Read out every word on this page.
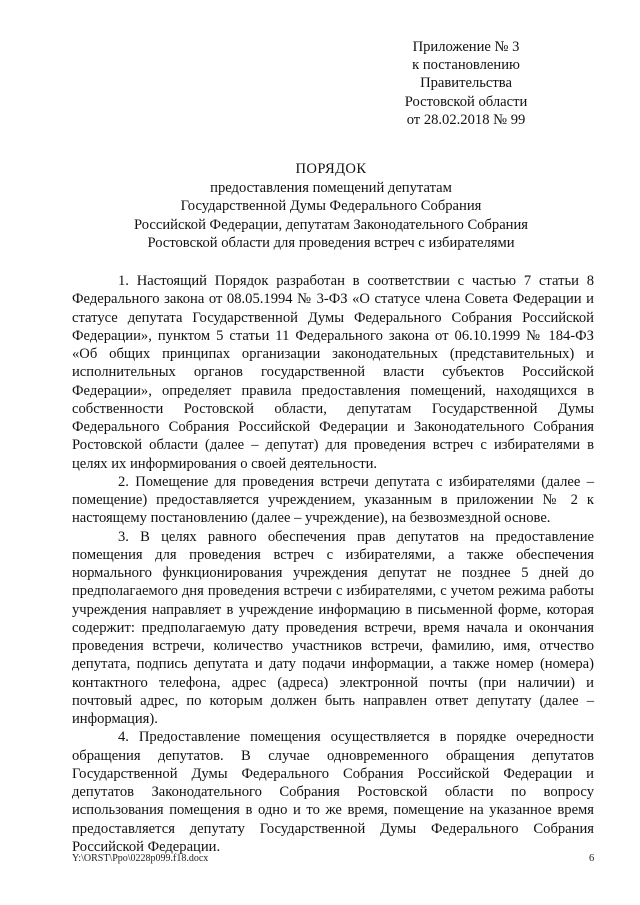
Приложение № 3
к постановлению
Правительства
Ростовской области
от 28.02.2018 № 99
ПОРЯДОК
предоставления помещений депутатам
Государственной Думы Федерального Собрания
Российской Федерации, депутатам Законодательного Собрания
Ростовской области для проведения встреч с избирателями

1. Настоящий Порядок разработан в соответствии с частью 7 статьи 8 Федерального закона от 08.05.1994 № 3-ФЗ «О статусе члена Совета Федерации и статусе депутата Государственной Думы Федерального Собрания Российской Федерации», пунктом 5 статьи 11 Федерального закона от 06.10.1999 № 184-ФЗ «Об общих принципах организации законодательных (представительных) и исполнительных органов государственной власти субъектов Российской Федерации», определяет правила предоставления помещений, находящихся в собственности Ростовской области, депутатам Государственной Думы Федерального Собрания Российской Федерации и Законодательного Собрания Ростовской области (далее – депутат) для проведения встреч с избирателями в целях их информирования о своей деятельности.

2. Помещение для проведения встречи депутата с избирателями (далее – помещение) предоставляется учреждением, указанным в приложении № 2 к настоящему постановлению (далее – учреждение), на безвозмездной основе.

3. В целях равного обеспечения прав депутатов на предоставление помещения для проведения встреч с избирателями, а также обеспечения нормального функционирования учреждения депутат не позднее 5 дней до предполагаемого дня проведения встречи с избирателями, с учетом режима работы учреждения направляет в учреждение информацию в письменной форме, которая содержит: предполагаемую дату проведения встречи, время начала и окончания проведения встречи, количество участников встречи, фамилию, имя, отчество депутата, подпись депутата и дату подачи информации, а также номер (номера) контактного телефона, адрес (адреса) электронной почты (при наличии) и почтовый адрес, по которым должен быть направлен ответ депутату (далее – информация).

4. Предоставление помещения осуществляется в порядке очередности обращения депутатов. В случае одновременного обращения депутатов Государственной Думы Федерального Собрания Российской Федерации и депутатов Законодательного Собрания Ростовской области по вопросу использования помещения в одно и то же время, помещение на указанное время предоставляется депутату Государственной Думы Федерального Собрания Российской Федерации.

Y:\ORST\Ppo\0228p099.f18.docx	6
